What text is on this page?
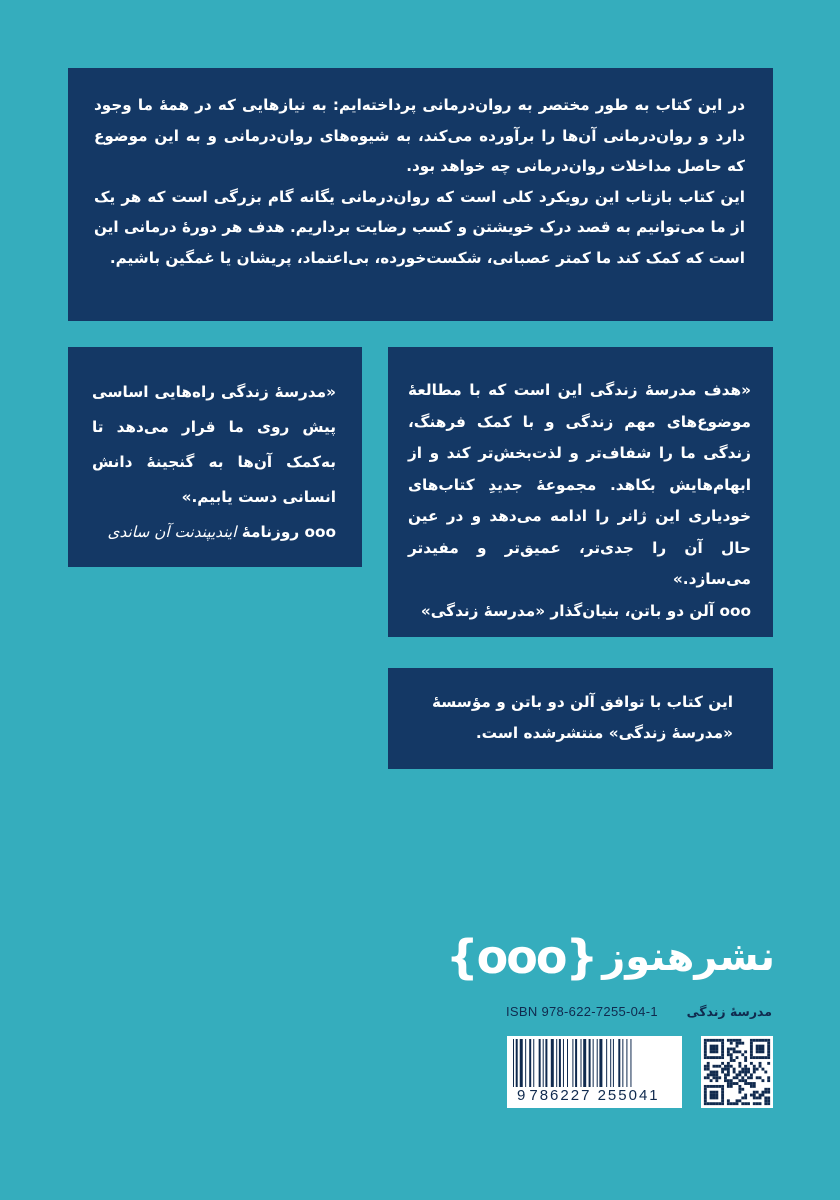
در این کتاب به طور مختصر به روان‌درمانی پرداخته‌ایم: به نیازهایی که در همهٔ ما وجود دارد و روان‌درمانی آن‌ها را برآورده می‌کند، به شیوه‌های روان‌درمانی و به این موضوع که حاصل مداخلات روان‌درمانی چه خواهد بود.

این کتاب بازتاب این رویکرد کلی است که روان‌درمانی یگانه گام بزرگی است که هر یک از ما می‌توانیم به قصد درک خویشتن و کسب رضایت برداریم. هدف هر دورهٔ درمانی این است که کمک کند ما کمتر عصبانی، شکست‌خورده، بی‌اعتماد، پریشان یا غمگین باشیم.

«مدرسهٔ زندگی راه‌هایی اساسی پیش روی ما قرار می‌دهد تا به‌کمک آن‌ها به گنجینهٔ دانش انسانی دست یابیم.»

ooo روزنامهٔ ایندیپندنت آن ساندی

«هدف مدرسهٔ زندگی این است که با مطالعهٔ موضوع‌های مهم زندگی و با کمک فرهنگ، زندگی ما را شفاف‌تر و لذت‌بخش‌تر کند و از ابهام‌هایش بکاهد. مجموعهٔ جدیدِ کتاب‌های خودیاری این ژانر را ادامه می‌دهد و در عین حال آن را جدی‌تر، عمیق‌تر و مفیدتر می‌سازد.»

ooo آلن دو باتن، بنیان‌گذار «مدرسهٔ زندگی»

این کتاب با توافق آلن دو باتن و مؤسسهٔ «مدرسهٔ زندگی» منتشرشده است.

نشرهنوز
{ooo}
مدرسهٔ زندگی
ISBN 978-622-7255-04-1
9 786227 255041
